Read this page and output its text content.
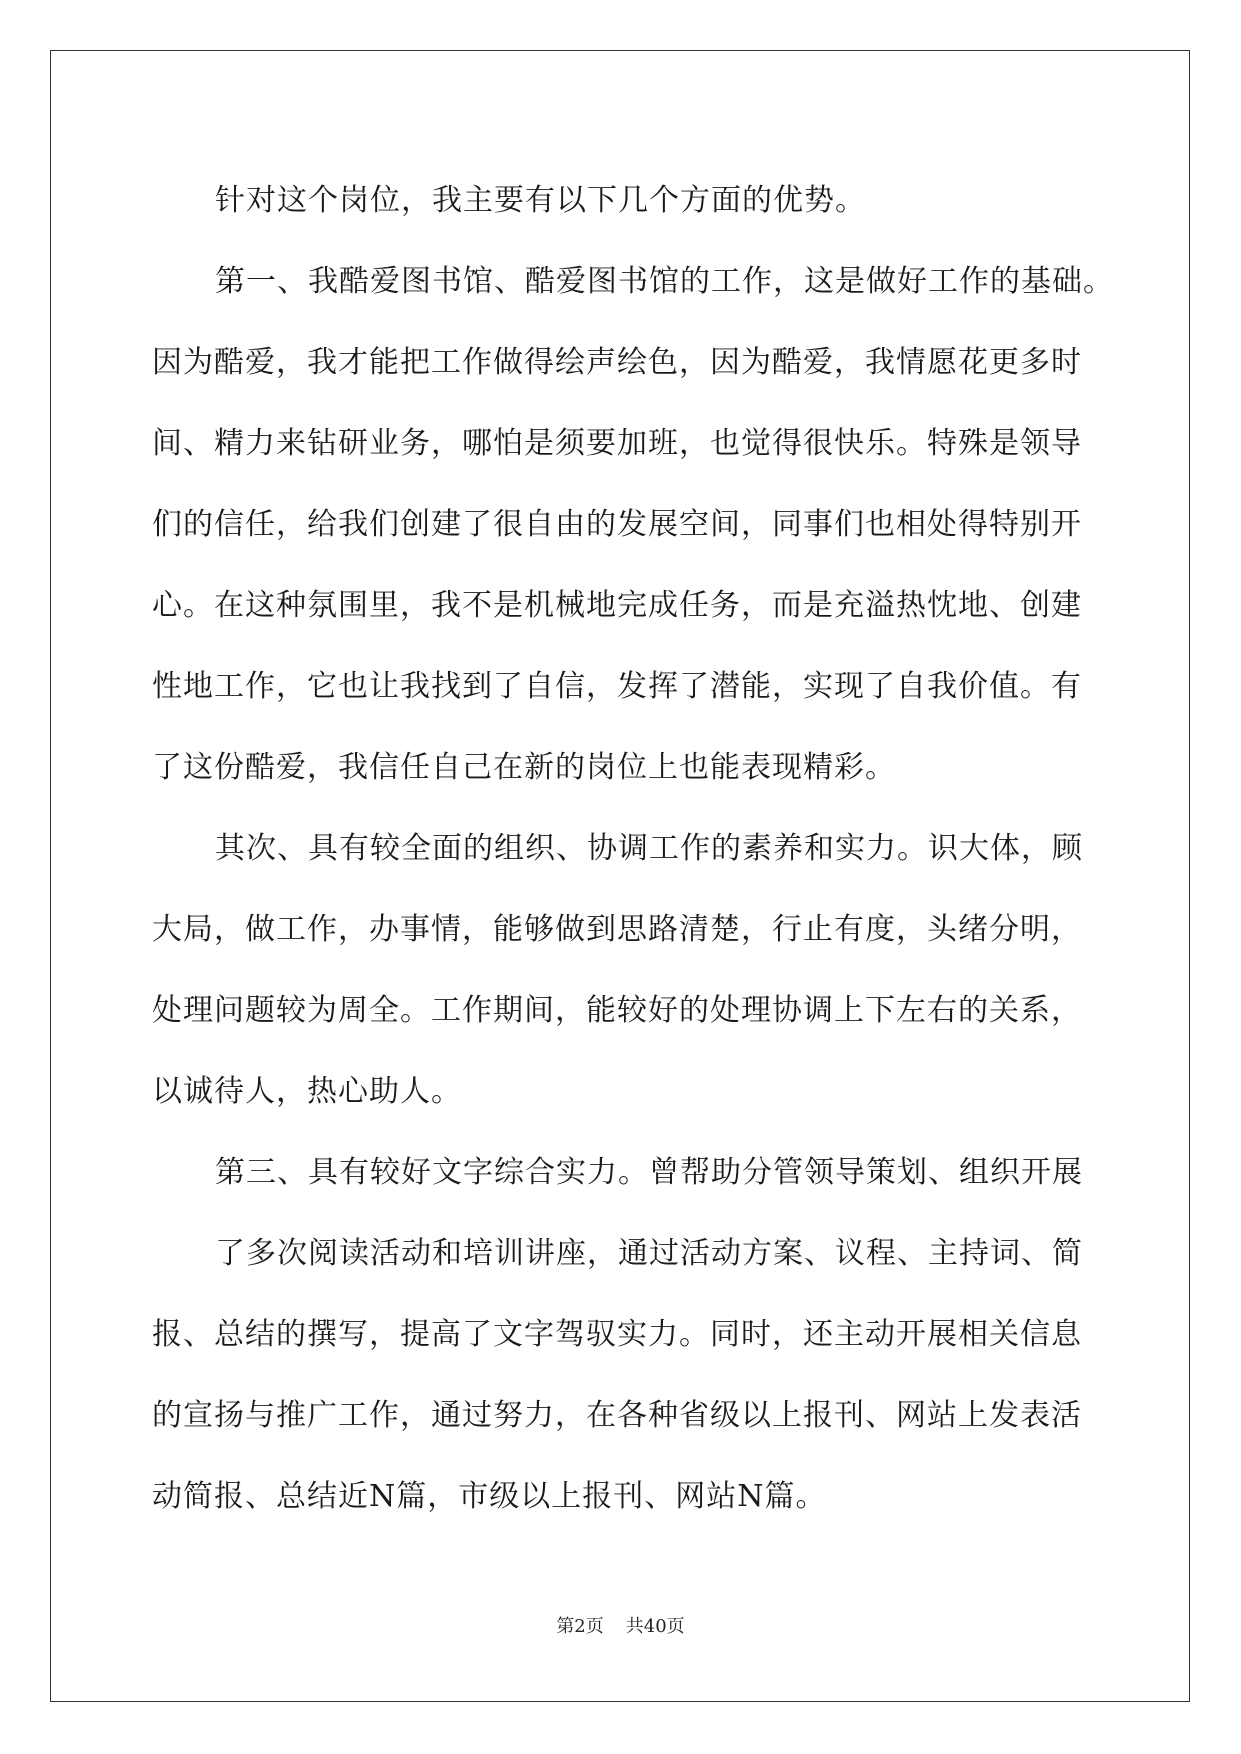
针对这个岗位，我主要有以下几个方面的优势。
第一、我酷爱图书馆、酷爱图书馆的工作，这是做好工作的基础。
因为酷爱，我才能把工作做得绘声绘色，因为酷爱，我情愿花更多时
间、精力来钻研业务，哪怕是须要加班，也觉得很快乐。特殊是领导
们的信任，给我们创建了很自由的发展空间，同事们也相处得特别开
心。在这种氛围里，我不是机械地完成任务，而是充溢热忱地、创建
性地工作，它也让我找到了自信，发挥了潜能，实现了自我价值。有
了这份酷爱，我信任自己在新的岗位上也能表现精彩。
其次、具有较全面的组织、协调工作的素养和实力。识大体，顾
大局，做工作，办事情，能够做到思路清楚，行止有度，头绪分明，
处理问题较为周全。工作期间，能较好的处理协调上下左右的关系，
以诚待人，热心助人。
第三、具有较好文字综合实力。曾帮助分管领导策划、组织开展
了多次阅读活动和培训讲座，通过活动方案、议程、主持词、简
报、总结的撰写，提高了文字驾驭实力。同时，还主动开展相关信息
的宣扬与推广工作，通过努力，在各种省级以上报刊、网站上发表活
动简报、总结近N篇，市级以上报刊、网站N篇。
第2页 共40页
